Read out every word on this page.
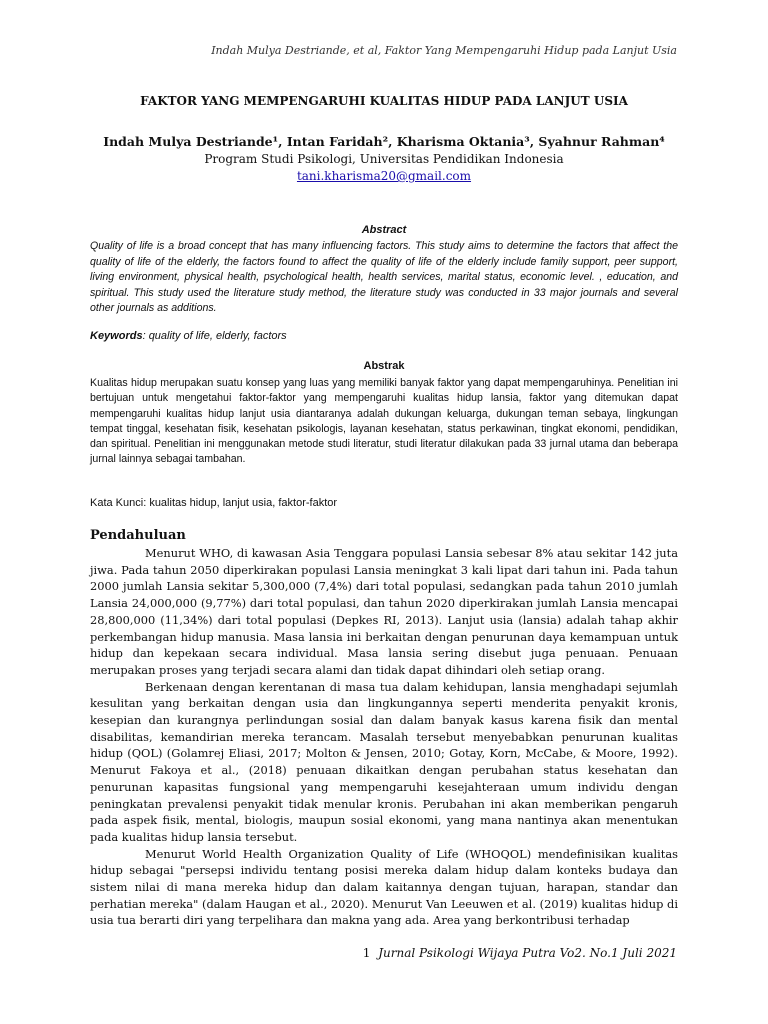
Indah Mulya Destriande, et al, Faktor Yang Mempengaruhi Hidup pada Lanjut Usia
FAKTOR YANG MEMPENGARUHI KUALITAS HIDUP PADA LANJUT USIA
Indah Mulya Destriande¹, Intan Faridah², Kharisma Oktania³, Syahnur Rahman⁴
Program Studi Psikologi, Universitas Pendidikan Indonesia
tani.kharisma20@gmail.com
Abstract
Quality of life is a broad concept that has many influencing factors. This study aims to determine the factors that affect the quality of life of the elderly, the factors found to affect the quality of life of the elderly include family support, peer support, living environment, physical health, psychological health, health services, marital status, economic level. , education, and spiritual. This study used the literature study method, the literature study was conducted in 33 major journals and several other journals as additions.
Keywords: quality of life, elderly, factors
Abstrak
Kualitas hidup merupakan suatu konsep yang luas yang memiliki banyak faktor yang dapat mempengaruhinya. Penelitian ini bertujuan untuk mengetahui faktor-faktor yang mempengaruhi kualitas hidup lansia, faktor yang ditemukan dapat mempengaruhi kualitas hidup lanjut usia diantaranya adalah dukungan keluarga, dukungan teman sebaya, lingkungan tempat tinggal, kesehatan fisik, kesehatan psikologis, layanan kesehatan, status perkawinan, tingkat ekonomi, pendidikan, dan spiritual. Penelitian ini menggunakan metode studi literatur, studi literatur dilakukan pada 33 jurnal utama dan beberapa jurnal lainnya sebagai tambahan.
Kata Kunci: kualitas hidup, lanjut usia, faktor-faktor
Pendahuluan

Menurut WHO, di kawasan Asia Tenggara populasi Lansia sebesar 8% atau sekitar 142 juta jiwa. Pada tahun 2050 diperkirakan populasi Lansia meningkat 3 kali lipat dari tahun ini. Pada tahun 2000 jumlah Lansia sekitar 5,300,000 (7,4%) dari total populasi, sedangkan pada tahun 2010 jumlah Lansia 24,000,000 (9,77%) dari total populasi, dan tahun 2020 diperkirakan jumlah Lansia mencapai 28,800,000 (11,34%) dari total populasi (Depkes RI, 2013). Lanjut usia (lansia) adalah tahap akhir perkembangan hidup manusia. Masa lansia ini berkaitan dengan penurunan daya kemampuan untuk hidup dan kepekaan secara individual. Masa lansia sering disebut juga penuaan. Penuaan merupakan proses yang terjadi secara alami dan tidak dapat dihindari oleh setiap orang.

Berkenaan dengan kerentanan di masa tua dalam kehidupan, lansia menghadapi sejumlah kesulitan yang berkaitan dengan usia dan lingkungannya seperti menderita penyakit kronis, kesepian dan kurangnya perlindungan sosial dan dalam banyak kasus karena fisik dan mental disabilitas, kemandirian mereka terancam. Masalah tersebut menyebabkan penurunan kualitas hidup (QOL) (Golamrej Eliasi, 2017; Molton & Jensen, 2010; Gotay, Korn, McCabe, & Moore, 1992). Menurut Fakoya et al., (2018) penuaan dikaitkan dengan perubahan status kesehatan dan penurunan kapasitas fungsional yang mempengaruhi kesejahteraan umum individu dengan peningkatan prevalensi penyakit tidak menular kronis. Perubahan ini akan memberikan pengaruh pada aspek fisik, mental, biologis, maupun sosial ekonomi, yang mana nantinya akan menentukan pada kualitas hidup lansia tersebut.

Menurut World Health Organization Quality of Life (WHOQOL) mendefinisikan kualitas hidup sebagai "persepsi individu tentang posisi mereka dalam hidup dalam konteks budaya dan sistem nilai di mana mereka hidup dan dalam kaitannya dengan tujuan, harapan, standar dan perhatian mereka" (dalam Haugan et al., 2020). Menurut Van Leeuwen et al. (2019) kualitas hidup di usia tua berarti diri yang terpelihara dan makna yang ada. Area yang berkontribusi terhadap

1 Jurnal Psikologi Wijaya Putra Vo2. No.1 Juli 2021
